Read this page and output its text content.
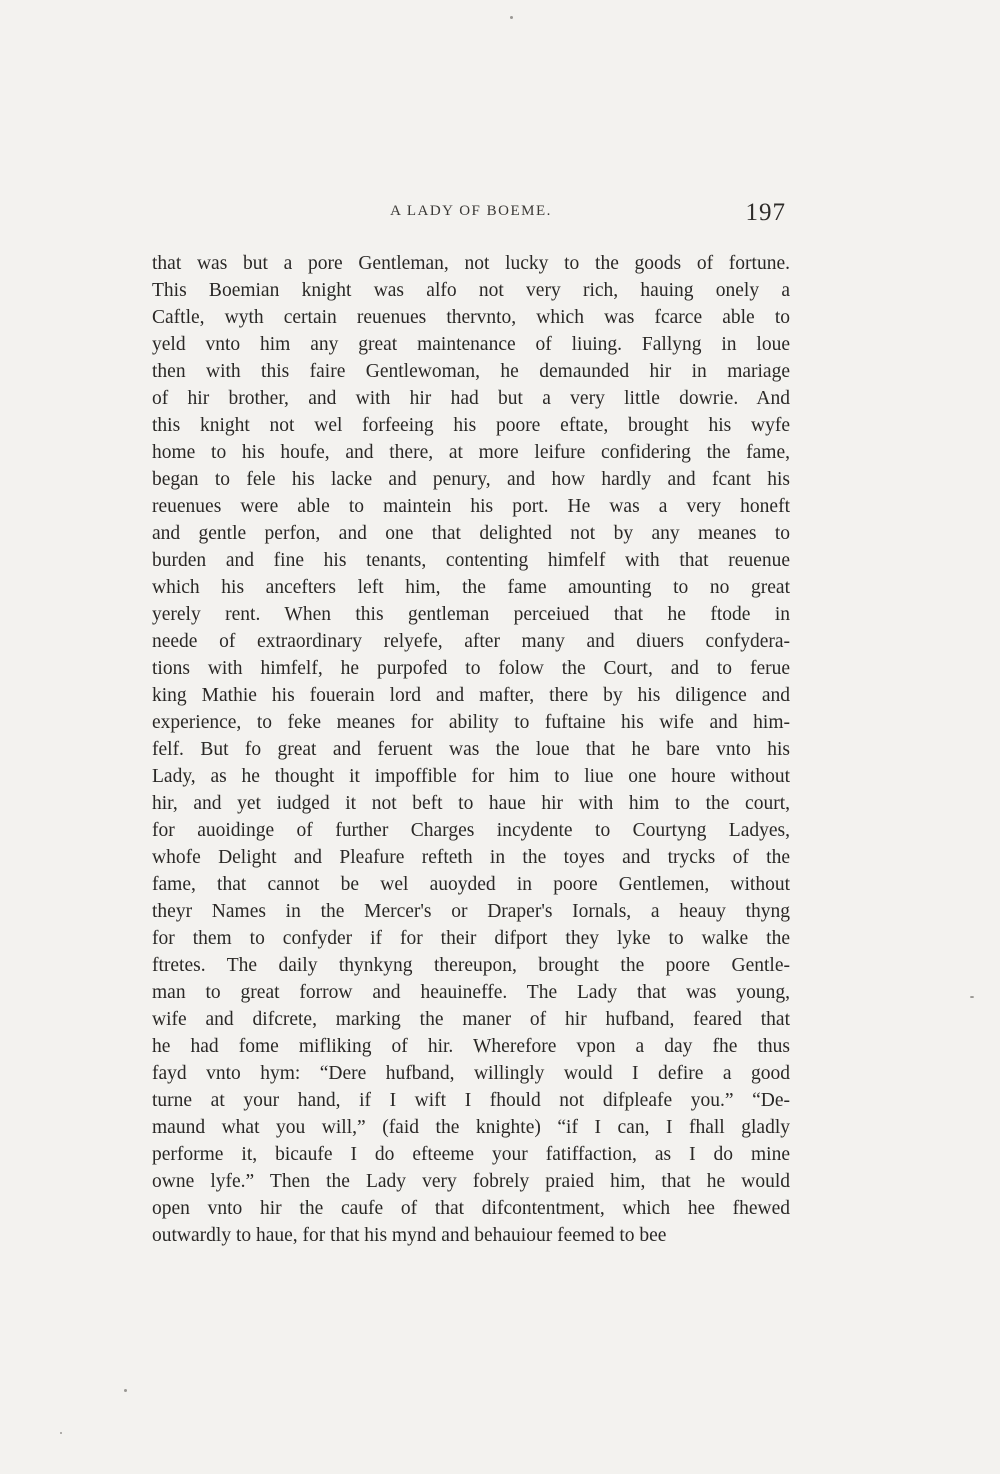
A LADY OF BOEME.	197
that was but a pore Gentleman, not lucky to the goods of fortune.
This Boemian knight was alfo not very rich, hauing onely a
Caftle, wyth certain reuenues thervnto, which was fcarce able to
yeld vnto him any great maintenance of liuing. Fallyng in loue
then with this faire Gentlewoman, he demaunded hir in mariage
of hir brother, and with hir had but a very little dowrie. And
this knight not wel forfeeing his poore eftate, brought his wyfe
home to his houfe, and there, at more leifure confidering the fame,
began to fele his lacke and penury, and how hardly and fcant his
reuenues were able to maintein his port. He was a very honeft
and gentle perfon, and one that delighted not by any meanes to
burden and fine his tenants, contenting himfelf with that reuenue
which his ancefters left him, the fame amounting to no great
yerely rent. When this gentleman perceiued that he ftode in
neede of extraordinary relyefe, after many and diuers confydera-
tions with himfelf, he purpofed to folow the Court, and to ferue
king Mathie his fouerain lord and mafter, there by his diligence and
experience, to feke meanes for ability to fuftaine his wife and him-
felf. But fo great and feruent was the loue that he bare vnto his
Lady, as he thought it impoffible for him to liue one houre without
hir, and yet iudged it not beft to haue hir with him to the court,
for auoidinge of further Charges incydente to Courtyng Ladyes,
whofe Delight and Pleafure refteth in the toyes and trycks of the
fame, that cannot be wel auoyded in poore Gentlemen, without
theyr Names in the Mercer's or Draper's Iornals, a heauy thyng
for them to confyder if for their difport they lyke to walke the
ftretes. The daily thynkyng thereupon, brought the poore Gentle-
man to great forrow and heauineffe. The Lady that was young,
wife and difcrete, marking the maner of hir hufband, feared that
he had fome mifliking of hir. Wherefore vpon a day fhe thus
fayd vnto hym: “Dere hufband, willingly would I defire a good
turne at your hand, if I wift I fhould not difpleafe you.” “De-
maund what you will,” (faid the knighte) “if I can, I fhall gladly
performe it, bicaufe I do efteeme your fatiffaction, as I do mine
owne lyfe.” Then the Lady very fobrely praied him, that he would
open vnto hir the caufe of that difcontentment, which hee fhewed
outwardly to haue, for that his mynd and behauiour feemed to bee
